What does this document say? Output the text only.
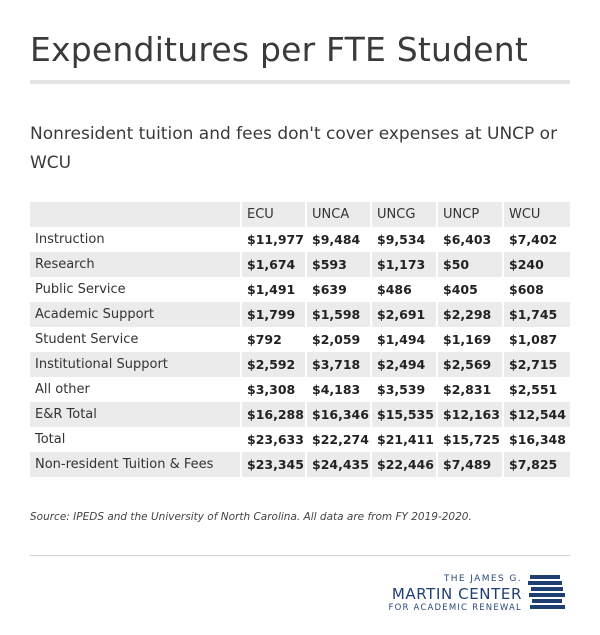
Expenditures per FTE Student
Nonresident tuition and fees don't cover expenses at UNCP or WCU
	ECU	UNCA	UNCG	UNCP	WCU
Instruction	$11,977	$9,484	$9,534	$6,403	$7,402
Research	$1,674	$593	$1,173	$50	$240
Public Service	$1,491	$639	$486	$405	$608
Academic Support	$1,799	$1,598	$2,691	$2,298	$1,745
Student Service	$792	$2,059	$1,494	$1,169	$1,087
Institutional Support	$2,592	$3,718	$2,494	$2,569	$2,715
All other	$3,308	$4,183	$3,539	$2,831	$2,551
E&R Total	$16,288	$16,346	$15,535	$12,163	$12,544
Total	$23,633	$22,274	$21,411	$15,725	$16,348
Non-resident Tuition & Fees	$23,345	$24,435	$22,446	$7,489	$7,825
Source: IPEDS and the University of North Carolina. All data are from FY 2019-2020.
THE JAMES G.
MARTIN CENTER
FOR ACADEMIC RENEWAL
